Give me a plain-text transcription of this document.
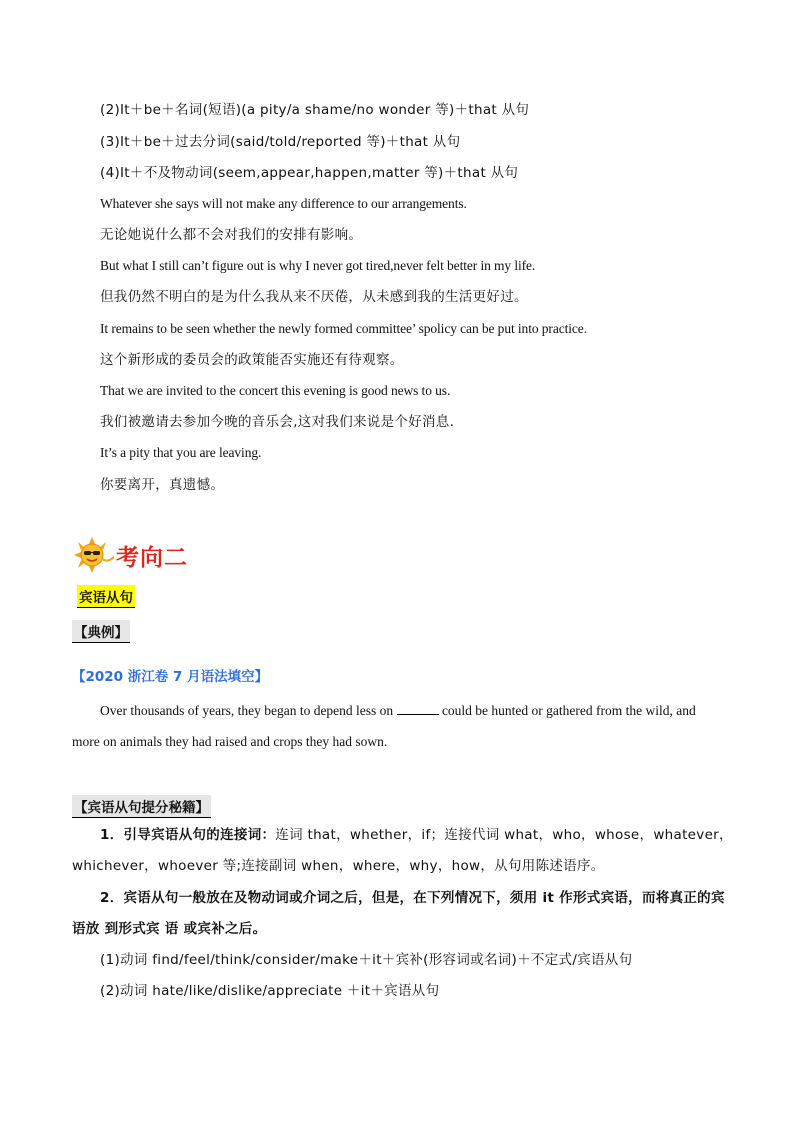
(2)It＋be＋名词(短语)(a pity/a shame/no wonder 等)＋that 从句
(3)It＋be＋过去分词(said/told/reported 等)＋that 从句
(4)It＋不及物动词(seem,appear,happen,matter 等)＋that 从句
Whatever she says will not make any difference to our arrangements.
无论她说什么都不会对我们的安排有影响。
But what I still can’t figure out is why I never got tired,never felt better in my life.
但我仍然不明白的是为什么我从来不厌倦，从未感到我的生活更好过。
It remains to be seen whether the newly formed committee’ spolicy can be put into practice.
这个新形成的委员会的政策能否实施还有待观察。
That we are invited to the concert this evening is good news to us.
我们被邀请去参加今晚的音乐会,这对我们来说是个好消息.
It’s a pity that you are leaving.
你要离开，真遗憾。
考向二
宾语从句
【典例】
【2020 浙江卷 7 月语法填空】
Over thousands of years, they began to depend less on	could be hunted or gathered from the wild, and
more on animals they had raised and crops they had sown.
【宾语从句提分秘籍】
1．引导宾语从句的连接词：连词 that，whether，if；连接代词 what，who，whose，whatever，
whichever，whoever 等;连接副词 when，where，why，how，从句用陈述语序。
2．宾语从句一般放在及物动词或介词之后，但是，在下列情况下，须用 it 作形式宾语，而将真正的宾
语放 到形式宾 语 或宾补之后。
(1)动词 find/feel/think/consider/make＋it＋宾补(形容词或名词)＋不定式/宾语从句
(2)动词 hate/like/dislike/appreciate ＋it＋宾语从句
